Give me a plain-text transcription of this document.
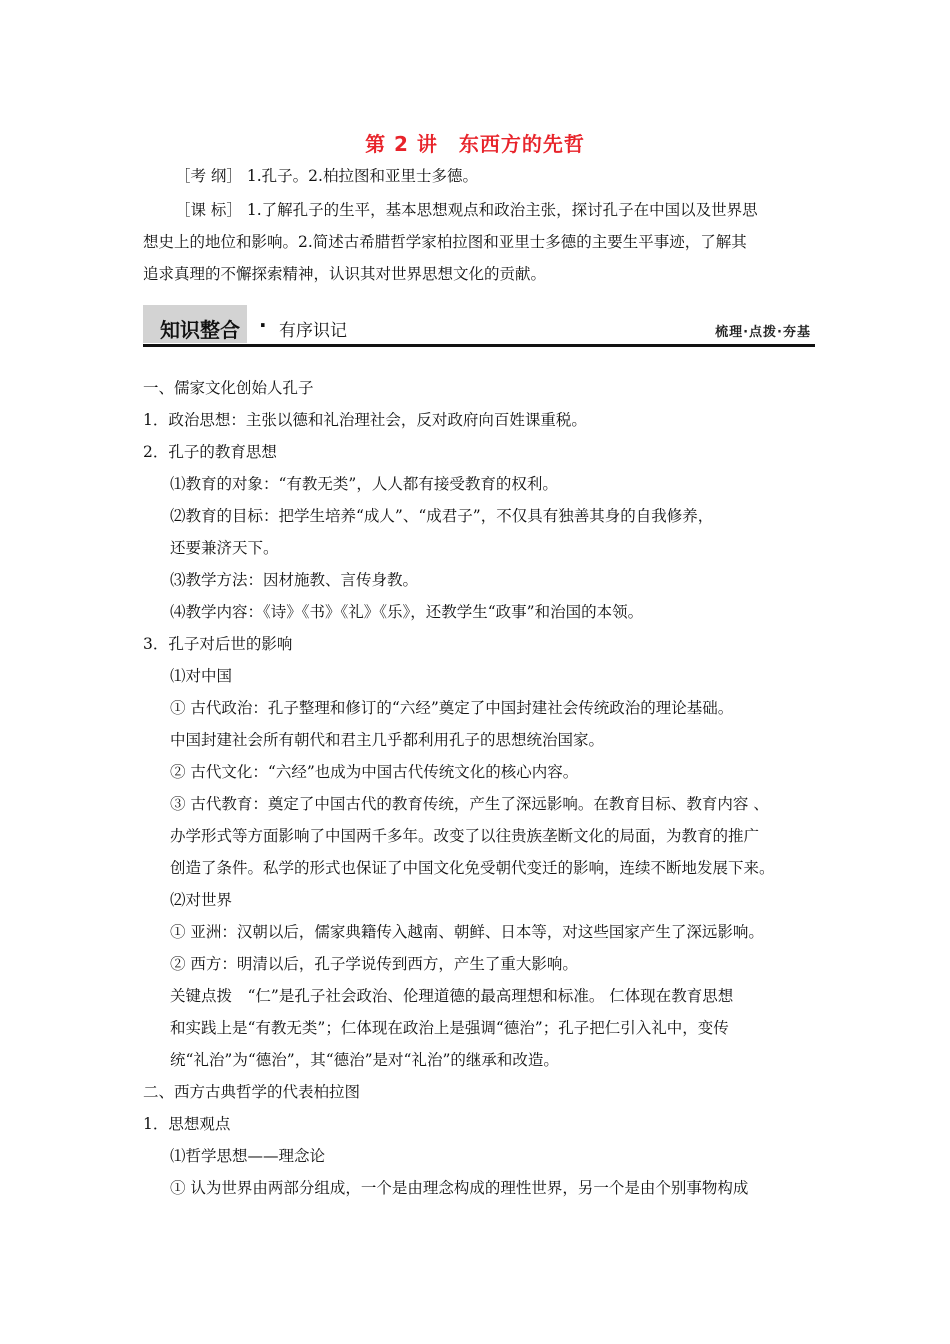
第 2 讲　东西方的先哲
［考 纲］ 1.孔子。2.柏拉图和亚里士多德。
［课 标］ 1.了解孔子的生平，基本思想观点和政治主张，探讨孔子在中国以及世界思
想史上的地位和影响。2.简述古希腊哲学家柏拉图和亚里士多德的主要生平事迹，了解其
追求真理的不懈探索精神，认识其对世界思想文化的贡献。
知识整合 · 有序识记	梳理·点拨·夯基
一、儒家文化创始人孔子
1．政治思想：主张以德和礼治理社会，反对政府向百姓课重税。
2．孔子的教育思想
⑴教育的对象：“有教无类”，人人都有接受教育的权利。
⑵教育的目标：把学生培养“成人”、“成君子”，不仅具有独善其身的自我修养，
还要兼济天下。
⑶教学方法：因材施教、言传身教。
⑷教学内容：《诗》《书》《礼》《乐》，还教学生“政事”和治国的本领。
3．孔子对后世的影响
⑴对中国
① 古代政治：孔子整理和修订的“六经”奠定了中国封建社会传统政治的理论基础。
中国封建社会所有朝代和君主几乎都利用孔子的思想统治国家。
② 古代文化：“六经”也成为中国古代传统文化的核心内容。
③ 古代教育：奠定了中国古代的教育传统，产生了深远影响。在教育目标、教育内容 、
办学形式等方面影响了中国两千多年。改变了以往贵族垄断文化的局面，为教育的推广
创造了条件。私学的形式也保证了中国文化免受朝代变迁的影响，连续不断地发展下来。
⑵对世界
① 亚洲：汉朝以后，儒家典籍传入越南、朝鲜、日本等，对这些国家产生了深远影响。
② 西方：明清以后，孔子学说传到西方，产生了重大影响。
关键点拨　“仁”是孔子社会政治、伦理道德的最高理想和标准。 仁体现在教育思想
和实践上是“有教无类”；仁体现在政治上是强调“德治”；孔子把仁引入礼中，变传
统“礼治”为“德治”，其“德治”是对“礼治”的继承和改造。
二、西方古典哲学的代表柏拉图
1．思想观点
⑴哲学思想——理念论
① 认为世界由两部分组成，一个是由理念构成的理性世界，另一个是由个别事物构成
